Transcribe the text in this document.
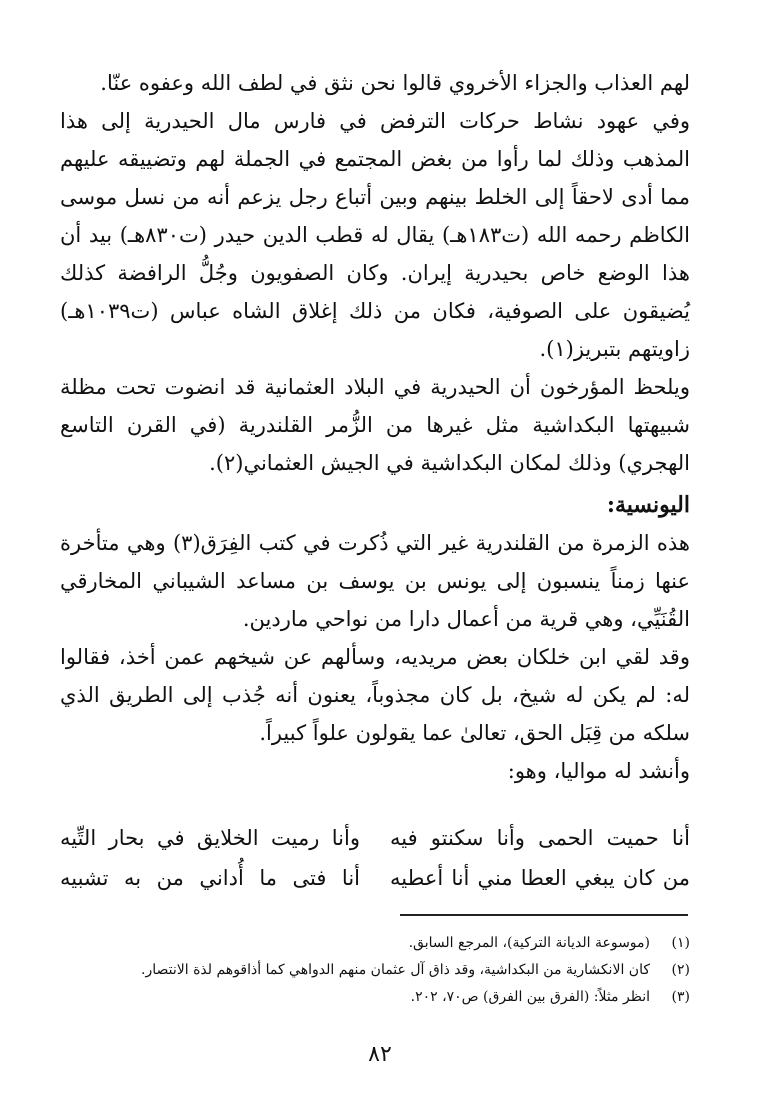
لهم العذاب والجزاء الأخروي قالوا نحن نثق في لطف الله وعفوه عنّا.

وفي عهود نشاط حركات الترفض في فارس مال الحيدرية إلى هذا المذهب وذلك لما رأوا من بغض المجتمع في الجملة لهم وتضييقه عليهم مما أدى لاحقاً إلى الخلط بينهم وبين أتباع رجل يزعم أنه من نسل موسى الكاظم رحمه الله (ت١٨٣هـ) يقال له قطب الدين حيدر (ت٨٣٠هـ) بيد أن هذا الوضع خاص بحيدرية إيران. وكان الصفويون وجُلُّ الرافضة كذلك يُضيقون على الصوفية، فكان من ذلك إغلاق الشاه عباس (ت١٠٣٩هـ) زاويتهم بتبريز(١).

ويلحظ المؤرخون أن الحيدرية في البلاد العثمانية قد انضوت تحت مظلة شبيهتها البكداشية مثل غيرها من الزُّمر القلندرية (في القرن التاسع الهجري) وذلك لمكان البكداشية في الجيش العثماني(٢).

اليونسية:

هذه الزمرة من القلندرية غير التي ذُكرت في كتب الفِرَق(٣) وهي متأخرة عنها زمناً ينسبون إلى يونس بن يوسف بن مساعد الشيباني المخارقي القُنَيِّي، وهي قرية من أعمال دارا من نواحي ماردين.

وقد لقي ابن خلكان بعض مريديه، وسألهم عن شيخهم عمن أخذ، فقالوا له: لم يكن له شيخ، بل كان مجذوباً، يعنون أنه جُذب إلى الطريق الذي سلكه من قِبَل الحق، تعالىٰ عما يقولون علواً كبيراً.

وأنشد له مواليا، وهو:

أنا حميت الحمى وأنا سكنتو فيه
وأنا رميت الخلايق في بحار التِّيه
من كان يبغي العطا مني أنا أعطيه
أنا فتى ما أُداني من به تشبيه
(١)
(موسوعة الديانة التركية)، المرجع السابق.
(٢)
كان الانكشارية من البكداشية، وقد ذاق آل عثمان منهم الدواهي كما أذاقوهم لذة الانتصار.
(٣)
انظر مثلاً: (الفرق بين الفرق) ص٧٠، ٢٠٢.
٨٢
